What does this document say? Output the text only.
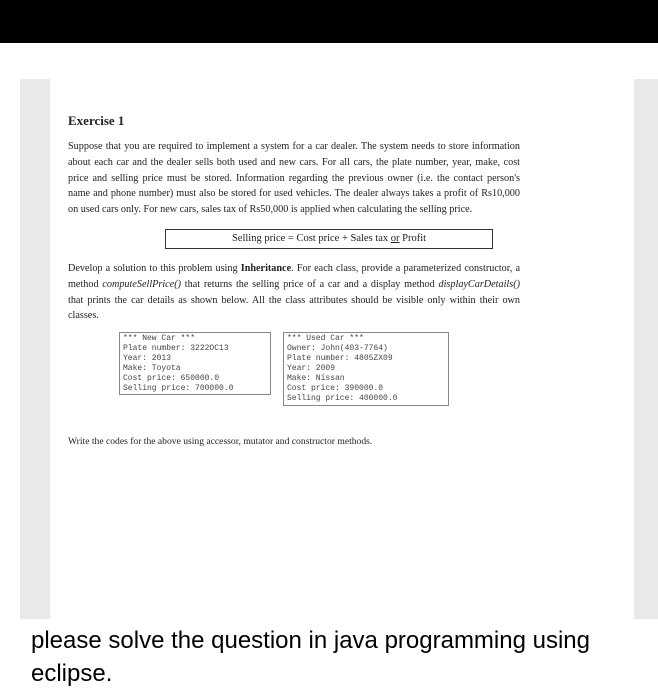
Exercise 1

Suppose that you are required to implement a system for a car dealer. The system needs to store information about each car and the dealer sells both used and new cars. For all cars, the plate number, year, make, cost price and selling price must be stored. Information regarding the previous owner (i.e. the contact person's name and phone number) must also be stored for used vehicles. The dealer always takes a profit of Rs10,000 on used cars only. For new cars, sales tax of Rs50,000 is applied when calculating the selling price.

Selling price = Cost price + Sales tax or Profit

Develop a solution to this problem using Inheritance. For each class, provide a parameterized constructor, a method computeSellPrice() that returns the selling price of a car and a display method displayCarDetails() that prints the car details as shown below. All the class attributes should be visible only within their own classes.

*** New Car ***
Plate number: 3222OC13
Year: 2013
Make: Toyota
Cost price: 650000.0
Selling price: 700000.0
*** Used Car ***
Owner: John(403-7764)
Plate number: 4805ZX09
Year: 2009
Make: Nissan
Cost price: 390000.0
Selling price: 400000.0

Write the codes for the above using accessor, mutator and constructor methods.

please solve the question in java programming using eclipse.
